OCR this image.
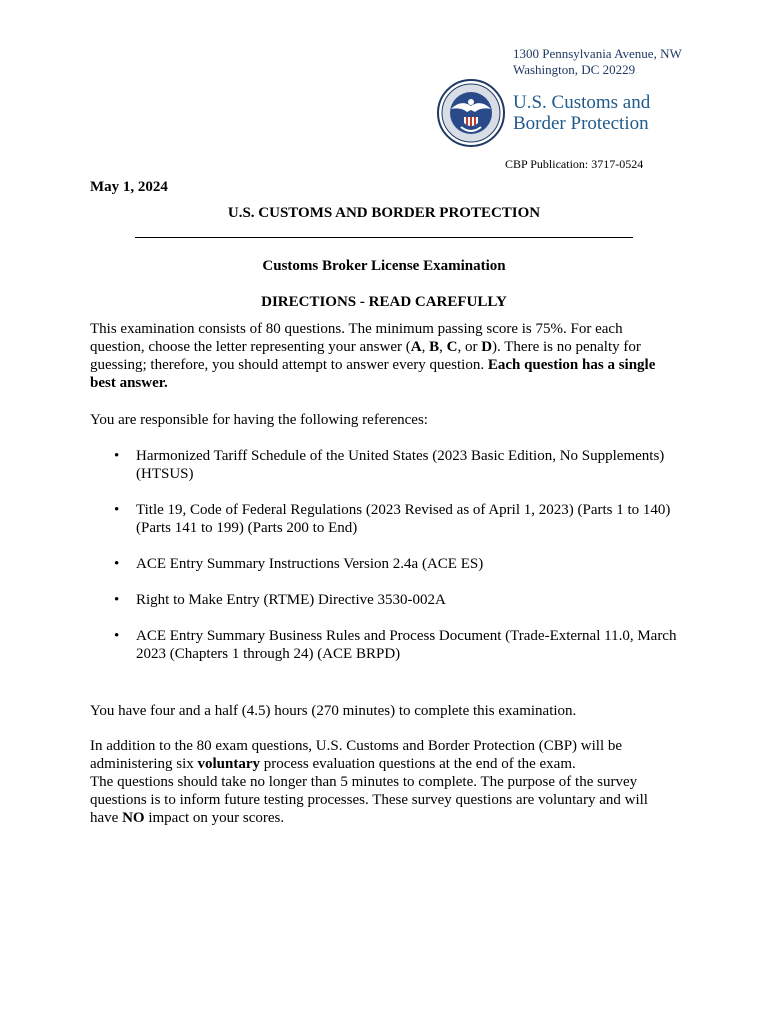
1300 Pennsylvania Avenue, NW
Washington, DC 20229
U.S. Customs and
Border Protection
CBP Publication: 3717-0524
May 1, 2024
U.S. CUSTOMS AND BORDER PROTECTION
Customs Broker License Examination
DIRECTIONS - READ CAREFULLY
This examination consists of 80 questions. The minimum passing score is 75%. For each question, choose the letter representing your answer (A, B, C, or D). There is no penalty for guessing; therefore, you should attempt to answer every question. Each question has a single best answer.
You are responsible for having the following references:
• Harmonized Tariff Schedule of the United States (2023 Basic Edition, No Supplements) (HTSUS)
• Title 19, Code of Federal Regulations (2023 Revised as of April 1, 2023) (Parts 1 to 140) (Parts 141 to 199) (Parts 200 to End)
• ACE Entry Summary Instructions Version 2.4a (ACE ES)
• Right to Make Entry (RTME) Directive 3530-002A
• ACE Entry Summary Business Rules and Process Document (Trade-External 11.0, March 2023 (Chapters 1 through 24) (ACE BRPD)
You have four and a half (4.5) hours (270 minutes) to complete this examination.
In addition to the 80 exam questions, U.S. Customs and Border Protection (CBP) will be administering six voluntary process evaluation questions at the end of the exam.
The questions should take no longer than 5 minutes to complete. The purpose of the survey questions is to inform future testing processes. These survey questions are voluntary and will have NO impact on your scores.
